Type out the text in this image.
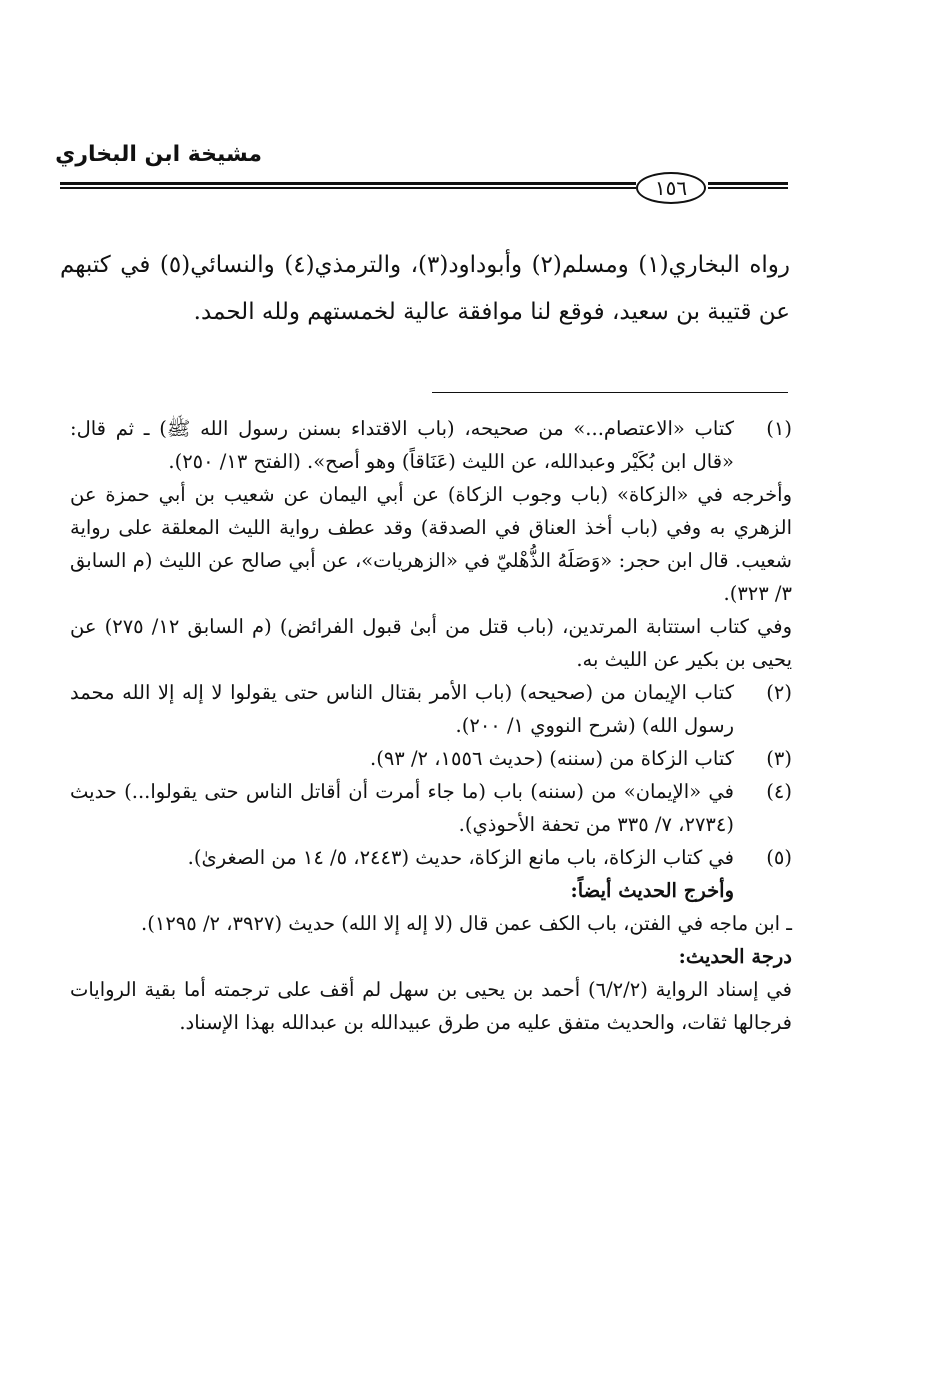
مشيخة ابن البخاري
١٥٦

رواه البخاري(١) ومسلم(٢) وأبوداود(٣)، والترمذي(٤) والنسائي(٥) في كتبهم عن قتيبة بن سعيد، فوقع لنا موافقة عالية لخمستهم ولله الحمد.

(١)

كتاب «الاعتصام...» من صحيحه، (باب الاقتداء بسنن رسول الله ﷺ) ـ ثم قال: «قال ابن بُكَيْر وعبدالله، عن الليث (عَنَاقاً) وهو أصح». (الفتح ١٣/ ٢٥٠).

وأخرجه في «الزكاة» (باب وجوب الزكاة) عن أبي اليمان عن شعيب بن أبي حمزة عن الزهري به وفي (باب أخذ العناق في الصدقة) وقد عطف رواية الليث المعلقة على رواية شعيب. قال ابن حجر: «وَصَلَهُ الذُّهْليّ في «الزهريات»، عن أبي صالح عن الليث (م السابق ٣/ ٣٢٣).

وفي كتاب استتابة المرتدين، (باب قتل من أبىٰ قبول الفرائض) (م السابق ١٢/ ٢٧٥) عن يحيى بن بكير عن الليث به.

(٢)

كتاب الإيمان من (صحيحه) (باب الأمر بقتال الناس حتى يقولوا لا إله إلا الله محمد رسول الله) (شرح النووي ١/ ٢٠٠).

(٣)

كتاب الزكاة من (سننه) (حديث ١٥٥٦، ٢/ ٩٣).

(٤)

في «الإيمان» من (سننه) باب (ما جاء أمرت أن أقاتل الناس حتى يقولوا...) حديث (٢٧٣٤، ٧/ ٣٣٥ من تحفة الأحوذي).

(٥)

في كتاب الزكاة، باب مانع الزكاة، حديث (٢٤٤٣، ٥/ ١٤ من الصغرىٰ).

وأخرج الحديث أيضاً:

ـ ابن ماجه في الفتن، باب الكف عمن قال (لا إله إلا الله) حديث (٣٩٢٧، ٢/ ١٢٩٥).

درجة الحديث:

في إسناد الرواية (٦/٢/٢) أحمد بن يحيى بن سهل لم أقف على ترجمته أما بقية الروايات فرجالها ثقات، والحديث متفق عليه من طرق عبيدالله بن عبدالله بهذا الإسناد.
